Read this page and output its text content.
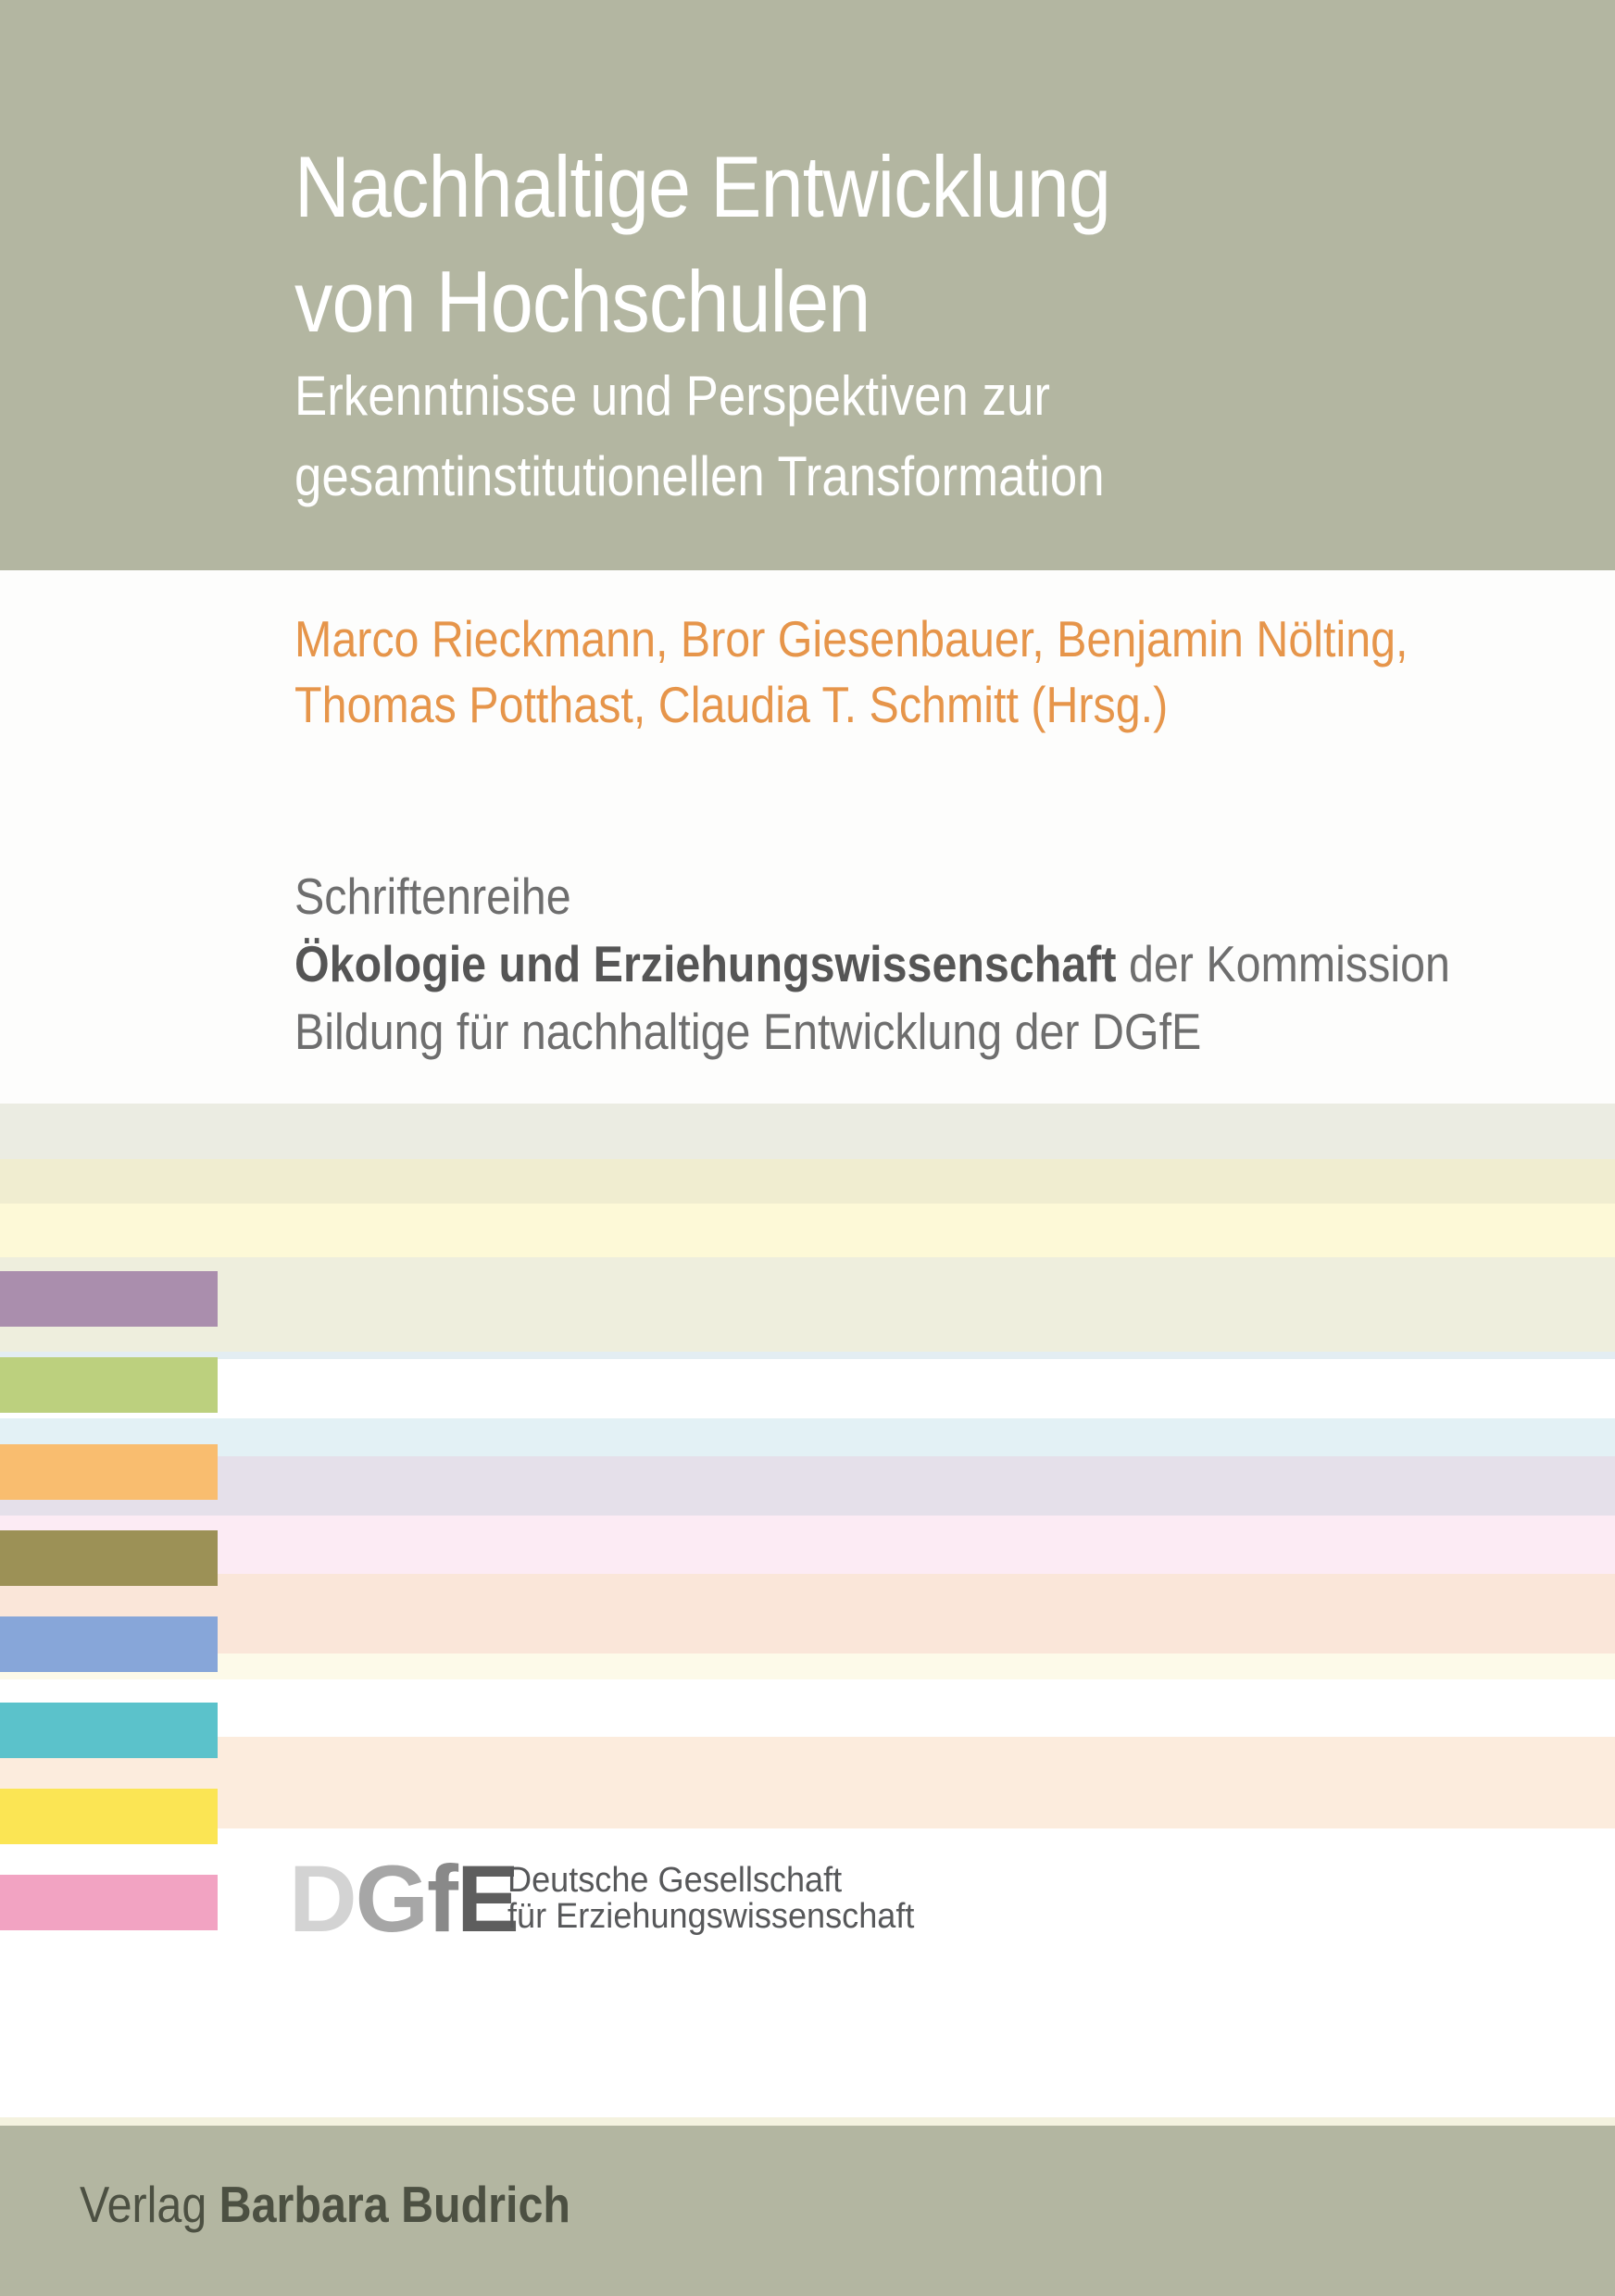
Nachhaltige Entwicklung
von Hochschulen
Erkenntnisse und Perspektiven zur
gesamtinstitutionellen Transformation
Marco Rieckmann, Bror Giesenbauer, Benjamin Nölting,
Thomas Potthast, Claudia T. Schmitt (Hrsg.)
Schriftenreihe
Ökologie und Erziehungswissenschaft der Kommission
Bildung für nachhaltige Entwicklung der DGfE
DGfE
Deutsche Gesellschaft
für Erziehungswissenschaft
Verlag Barbara Budrich
